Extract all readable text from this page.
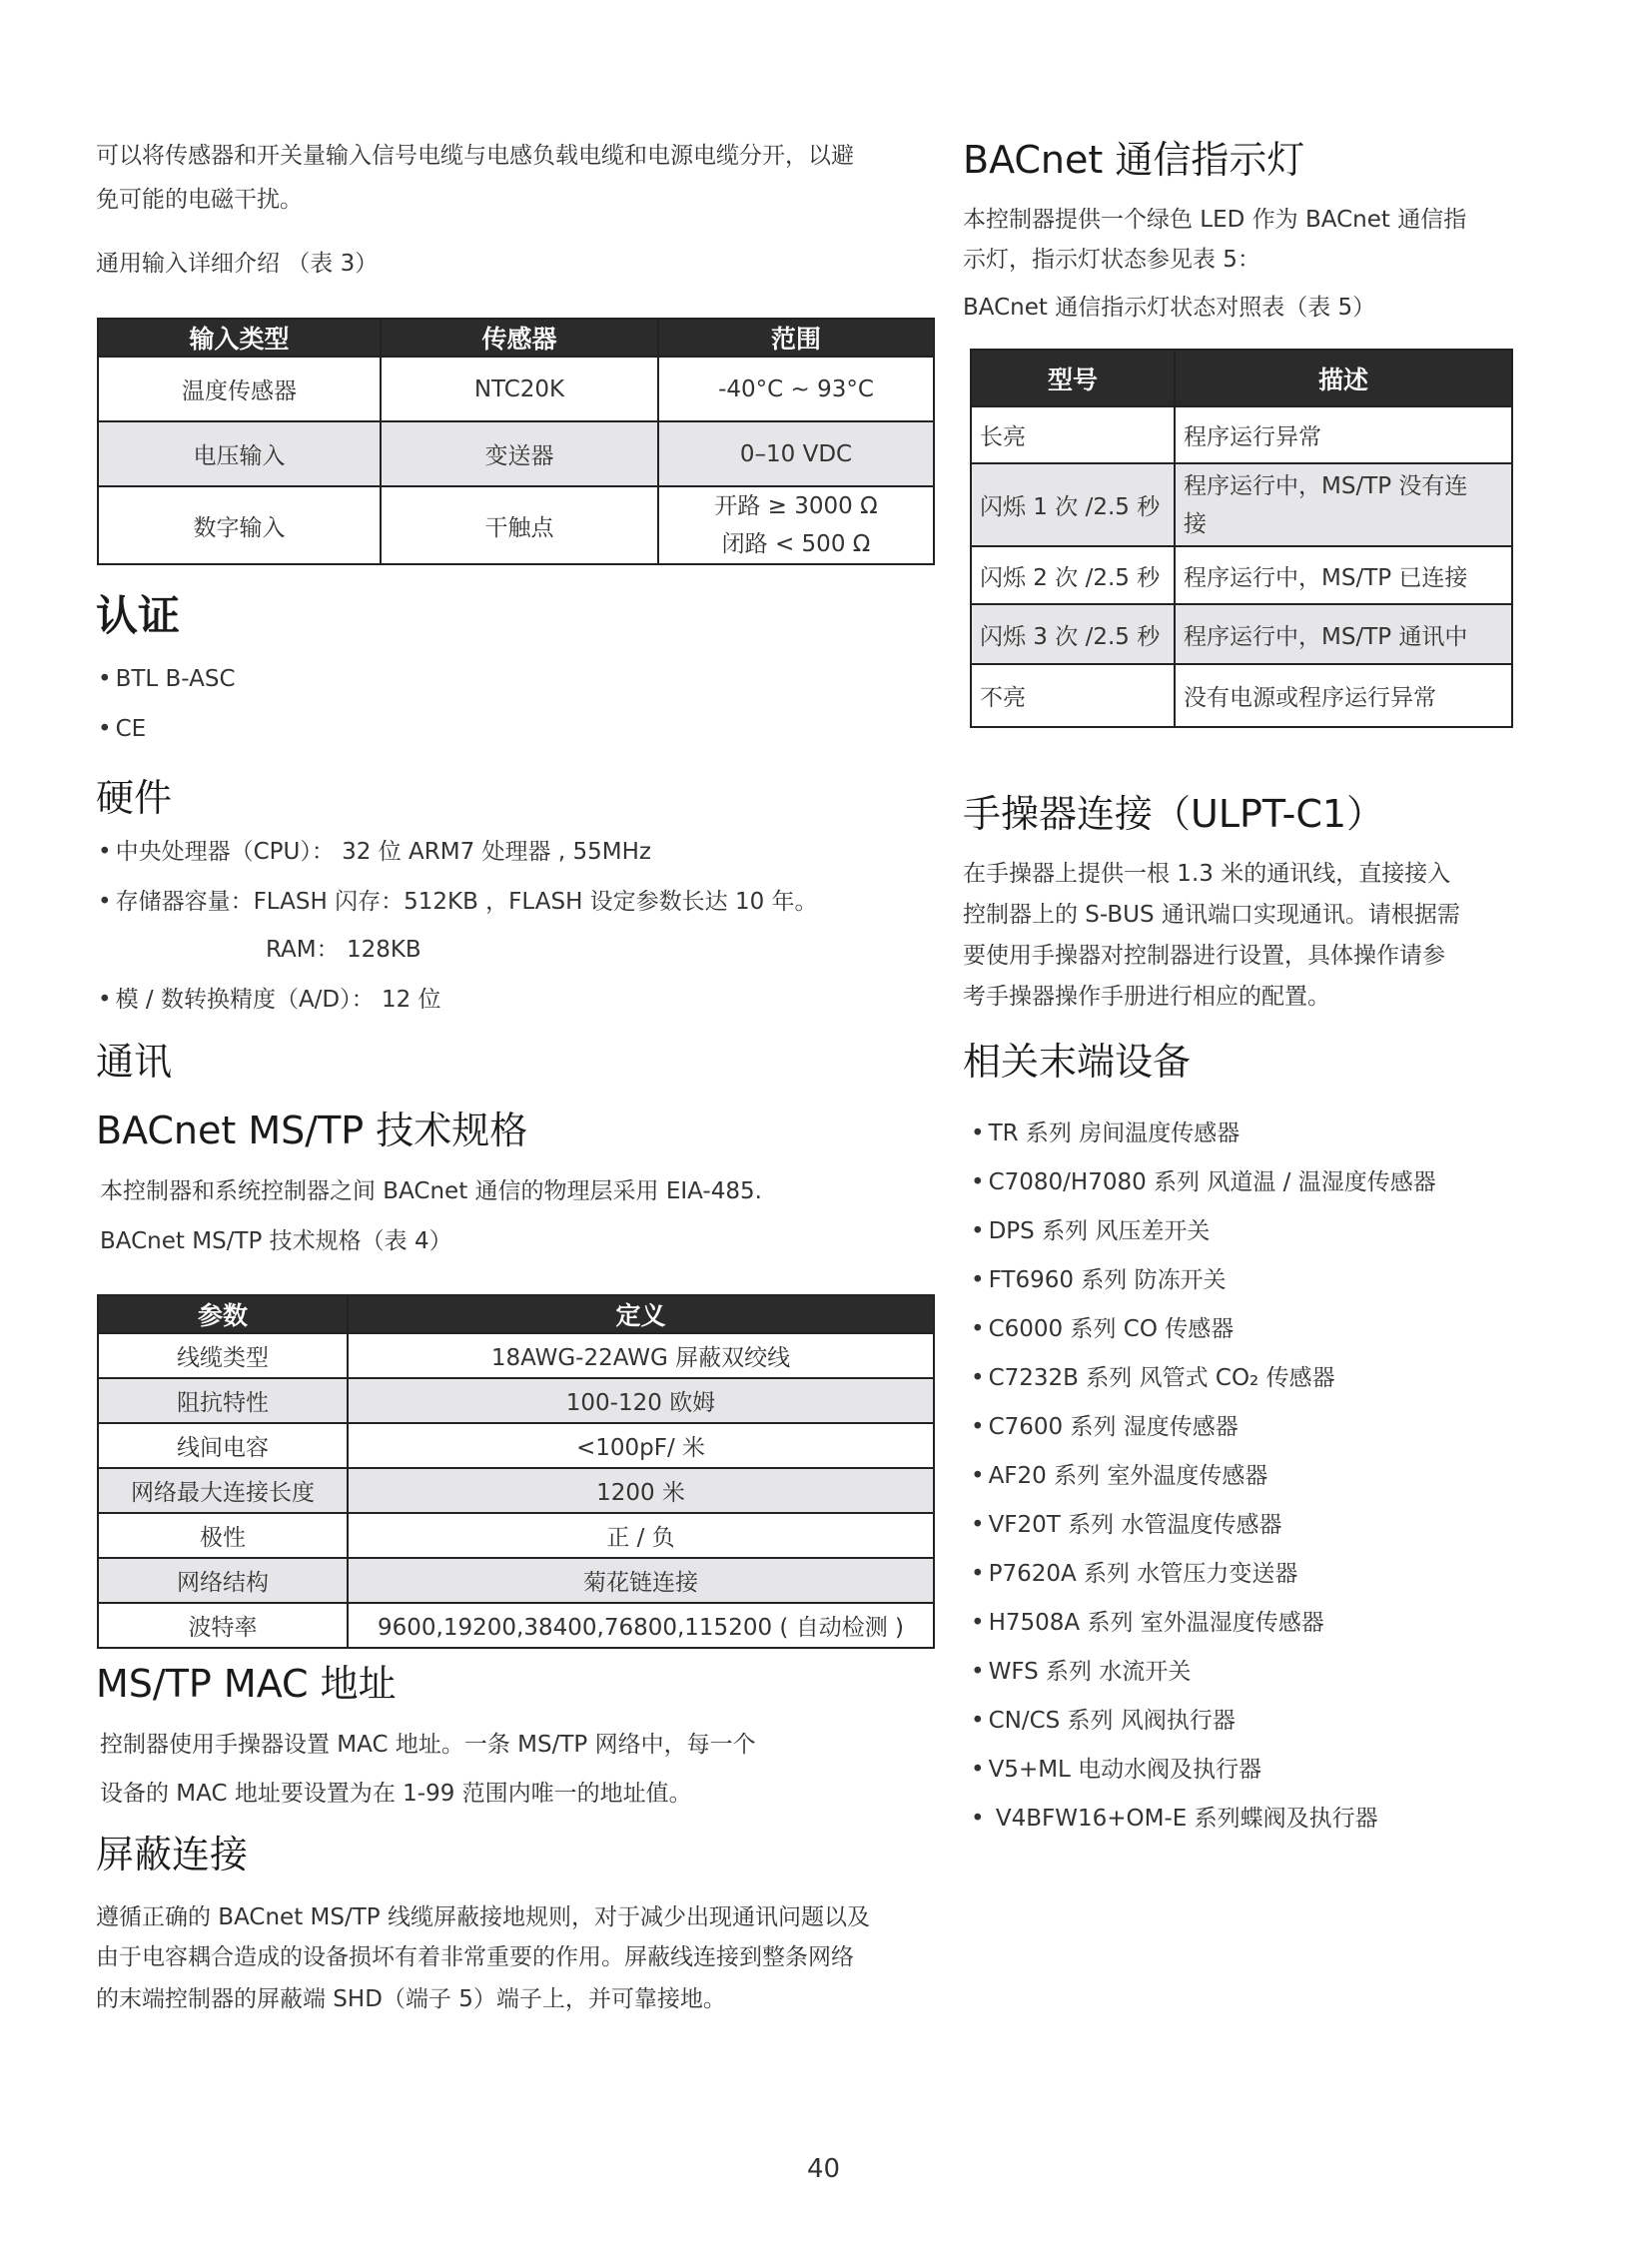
可以将传感器和开关量输入信号电缆与电感负载电缆和电源电缆分开，以避
免可能的电磁干扰。
通用输入详细介绍 （表 3）
输入类型	传感器	范围
温度传感器	NTC20K	-40°C ~ 93°C
电压输入	变送器	0–10 VDC
数字输入	干触点	开路 ≥ 3000 Ω
闭路 < 500 Ω
认证
• BTL B-ASC
• CE
硬件
• 中央处理器（CPU）： 32 位 ARM7 处理器 , 55MHz
• 存储器容量：FLASH 闪存：512KB ，FLASH 设定参数长达 10 年。
RAM： 128KB
• 模 / 数转换精度（A/D）： 12 位
通讯
BACnet MS/TP 技术规格
本控制器和系统控制器之间 BACnet 通信的物理层采用 EIA-485.
BACnet MS/TP 技术规格（表 4）
参数	定义
线缆类型	18AWG-22AWG 屏蔽双绞线
阻抗特性	100-120 欧姆
线间电容	<100pF/ 米
网络最大连接长度	1200 米
极性	正 / 负
网络结构	菊花链连接
波特率	9600,19200,38400,76800,115200 ( 自动检测 )
MS/TP MAC 地址
控制器使用手操器设置 MAC 地址。一条 MS/TP 网络中，每一个
设备的 MAC 地址要设置为在 1-99 范围内唯一的地址值。
屏蔽连接
遵循正确的 BACnet MS/TP 线缆屏蔽接地规则，对于减少出现通讯问题以及
由于电容耦合造成的设备损坏有着非常重要的作用。屏蔽线连接到整条网络
的末端控制器的屏蔽端 SHD（端子 5）端子上，并可靠接地。
BACnet 通信指示灯
本控制器提供一个绿色 LED 作为 BACnet 通信指
示灯，指示灯状态参见表 5：
BACnet 通信指示灯状态对照表（表 5）
型号	描述
长亮	程序运行异常
闪烁 1 次 /2.5 秒	程序运行中，MS/TP 没有连
接

闪烁 2 次 /2.5 秒	程序运行中，MS/TP 已连接
闪烁 3 次 /2.5 秒	程序运行中，MS/TP 通讯中
不亮	没有电源或程序运行异常
手操器连接（ULPT-C1）
在手操器上提供一根 1.3 米的通讯线，直接接入
控制器上的 S-BUS 通讯端口实现通讯。请根据需
要使用手操器对控制器进行设置，具体操作请参
考手操器操作手册进行相应的配置。
相关末端设备
• TR 系列 房间温度传感器
• C7080/H7080 系列 风道温 / 温湿度传感器
• DPS 系列 风压差开关
• FT6960 系列 防冻开关
• C6000 系列 CO 传感器
• C7232B 系列 风管式 CO₂ 传感器
• C7600 系列 湿度传感器
• AF20 系列 室外温度传感器
• VF20T 系列 水管温度传感器
• P7620A 系列 水管压力变送器
• H7508A 系列 室外温湿度传感器
• WFS 系列 水流开关
• CN/CS 系列 风阀执行器
• V5+ML 电动水阀及执行器
• V4BFW16+OM-E 系列蝶阀及执行器
40
